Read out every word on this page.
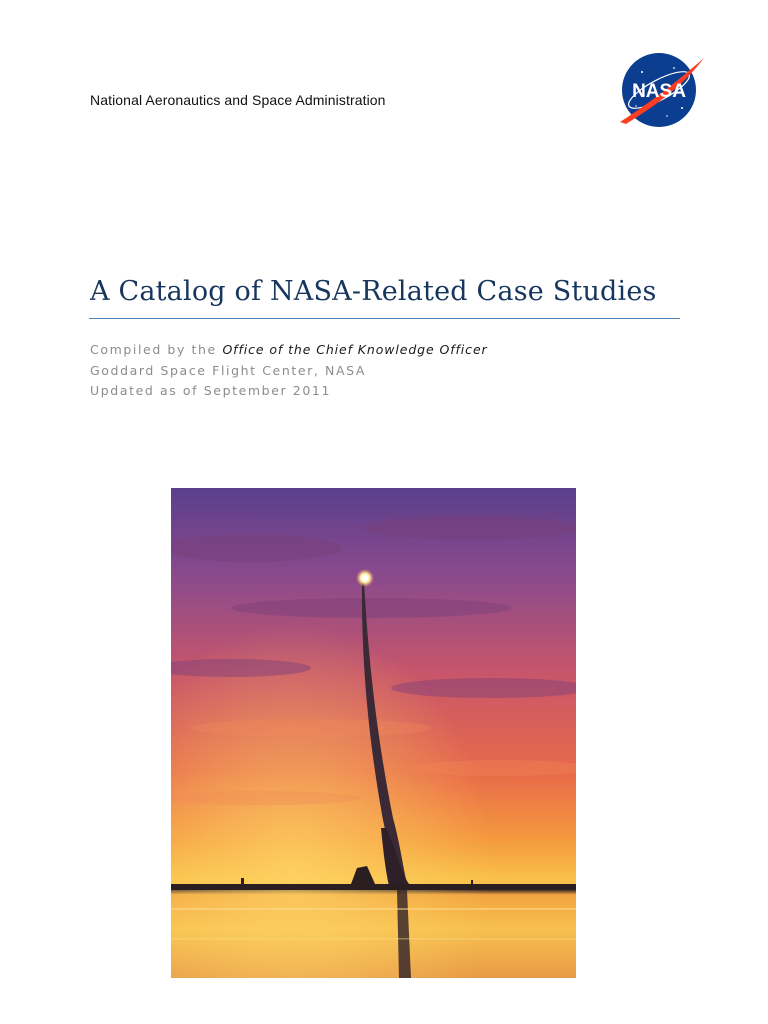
National Aeronautics and Space Administration	NASA
A Catalog of NASA-Related Case Studies
Compiled by the Office of the Chief Knowledge Officer
Goddard Space Flight Center, NASA
Updated as of September 2011
